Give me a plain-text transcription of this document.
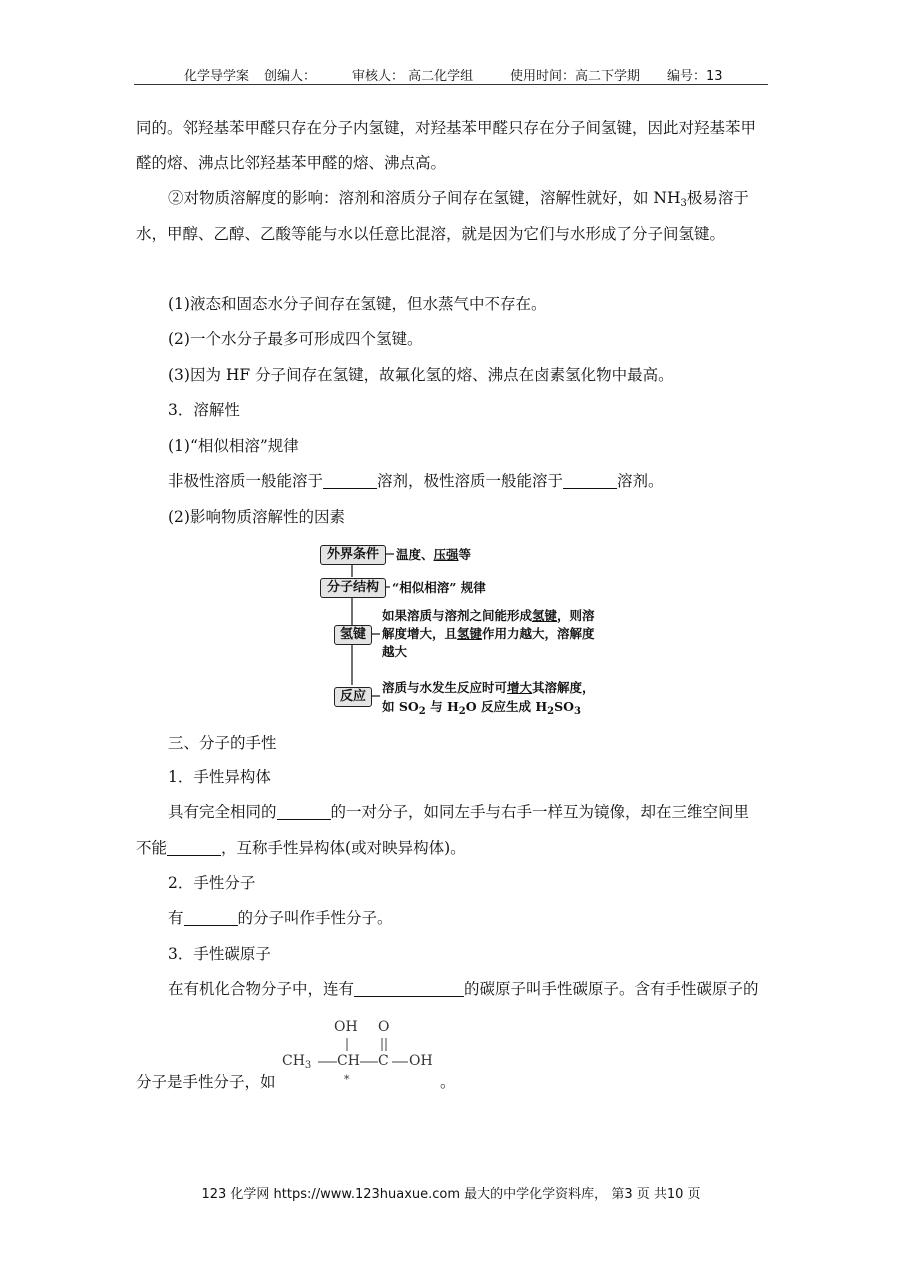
化学导学案 创编人：	审核人： 高二化学组	使用时间：高二下学期 编号：13
同的。邻羟基苯甲醛只存在分子内氢键，对羟基苯甲醛只存在分子间氢键，因此对羟基苯甲
醛的熔、沸点比邻羟基苯甲醛的熔、沸点高。
②对物质溶解度的影响：溶剂和溶质分子间存在氢键，溶解性就好，如 $NH_3$极易溶于
水，甲醇、乙醇、乙酸等能与水以任意比混溶，就是因为它们与水形成了分子间氢键。
(1)液态和固态水分子间存在氢键，但水蒸气中不存在。
(2)一个水分子最多可形成四个氢键。
(3)因为 HF 分子间存在氢键，故氟化氢的熔、沸点在卤素氢化物中最高。
3．溶解性
(1)“相似相溶”规律
非极性溶质一般能溶于	溶剂，极性溶质一般能溶于	溶剂。
(2)影响物质溶解性的因素
外界条件
分子结构
氢键
反应
温度、压强等
“相似相溶” 规律
如果溶质与溶剂之间能形成氢键，则溶
解度增大，且氢键作用力越大，溶解度
越大
溶质与水发生反应时可增大其溶解度，
如 $SO_2$ 与 $H_2O$ 反应生成 $H_2SO_3$
三、分子的手性
1．手性异构体
具有完全相同的	的一对分子，如同左手与右手一样互为镜像，却在三维空间里
不能	，互称手性异构体(或对映异构体)。
2．手性分子
有	的分子叫作手性分子。
3．手性碳原子
在有机化合物分子中，连有	的碳原子叫手性碳原子。含有手性碳原子的
分子是手性分子，如
OH O
$CH_3$ CH C OH
*	。
123 化学网 https://www.123huaxue.com 最大的中学化学资料库， 第3 页 共10 页
